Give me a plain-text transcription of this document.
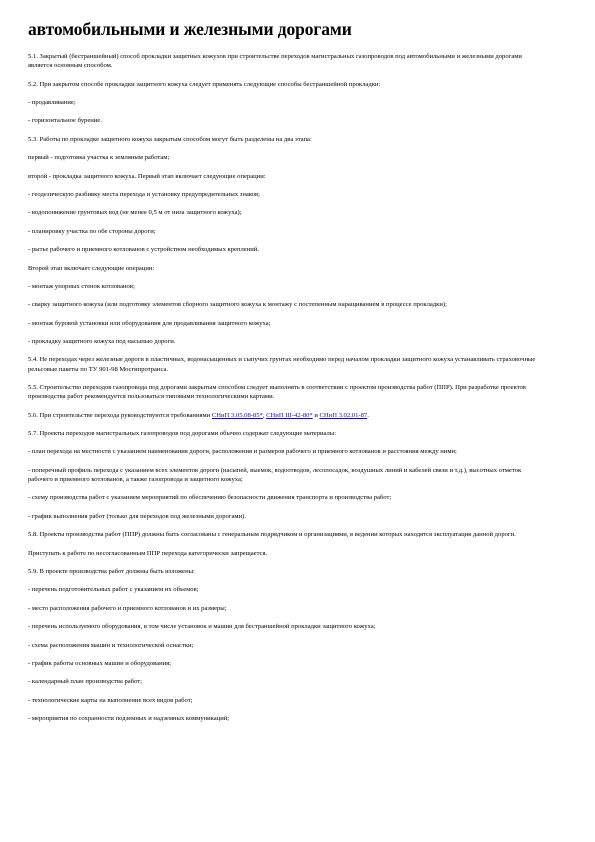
автомобильными и железными дорогами

5.1. Закрытый (бестраншейный) способ прокладки защитных кожухов при строительстве переходов магистральных газопроводов под автомобильными и железными дорогами является основным способом.

5.2. При закрытом способе прокладки защитного кожуха следует применять следующие способы бестраншейной прокладки:

- продавливание;

- горизонтальное бурение.

5.3. Работы по прокладке защитного кожуха закрытым способом могут быть разделены на два этапа:

первый - подготовка участка к земляным работам;

второй - прокладка защитного кожуха. Первый этап включает следующие операции:

- геодезическую разбивку места перехода и установку предупредительных знаков;

- водопонижение грунтовых вод (не менее 0,5 м от низа защитного кожуха);

- планировку участка по обе стороны дороги;

- рытье рабочего и приемного котлованов с устройством необходимых креплений.

Второй этап включает следующие операции:

- монтаж упорных стенок котлованов;

- сварку защитного кожуха (или подготовку элементов сборного защитного кожуха к монтажу с постепенным наращиванием в процессе прокладки);

- монтаж буровой установки или оборудования для продавливания защитного кожуха;

- прокладку защитного кожуха под насыпью дороги.

5.4. Не переходах через железные дороги в пластичных, водонасыщенных и сыпучих грунтах необходимо перед началом прокладки защитного кожуха устанавливать страховочные рельсовые пакеты по ТУ 901-98 Мосгипротранса.

5.5. Строительство переходов газопровода под дорогами закрытым способом следует выполнять в соответствии с проектом производства работ (ППР). При разработке проектов производства работ рекомендуется пользоваться типовыми технологическими картами.

5.6. При строительстве перехода руководствуются требованиями СНиП 3.05.08-85*, СНиП III-42-80* и СНиП 3.02.01-87.

5.7. Проекты переходов магистральных газопроводов под дорогами обычно содержат следующие материалы:

- план перехода на местности с указанием наименования дороги, расположения и размеров рабочего и приемного котлованов и расстояния между ними;

- поперечный профиль перехода с указанием всех элементов дороги (насыпей, выемок, водоотводов, лесопосадок, воздушных линий и кабелей связи и т.д.), высотных отметок рабочего и приемного котлованов, а также газопровода и защитного кожуха;

- схему производства работ с указанием мероприятий по обеспечению безопасности движения транспорта и производства работ;

- график выполнения работ (только для переходов под железными дорогами).

5.8. Проекты производства работ (ППР) должны быть согласованы с генеральным подрядчиком и организациями, в ведении которых находятся эксплуатация данной дороги.

Приступать к работе по несогласованным ППР перехода категорически запрещается.

5.9. В проекте производства работ должны быть изложены:

- перечень подготовительных работ с указанием их объемов;

- место расположения рабочего и приемного котлованов и их размеры;

- перечень используемого оборудования, в том числе установок и машин для бестраншейной прокладки защитного кожуха;

- схема расположения машин и технологической оснастки;

- график работы основных машин и оборудования;

- календарный план производства работ;

- технологические карты на выполнение всех видов работ;

- мероприятия по сохранности подземных и надземных коммуникаций;
